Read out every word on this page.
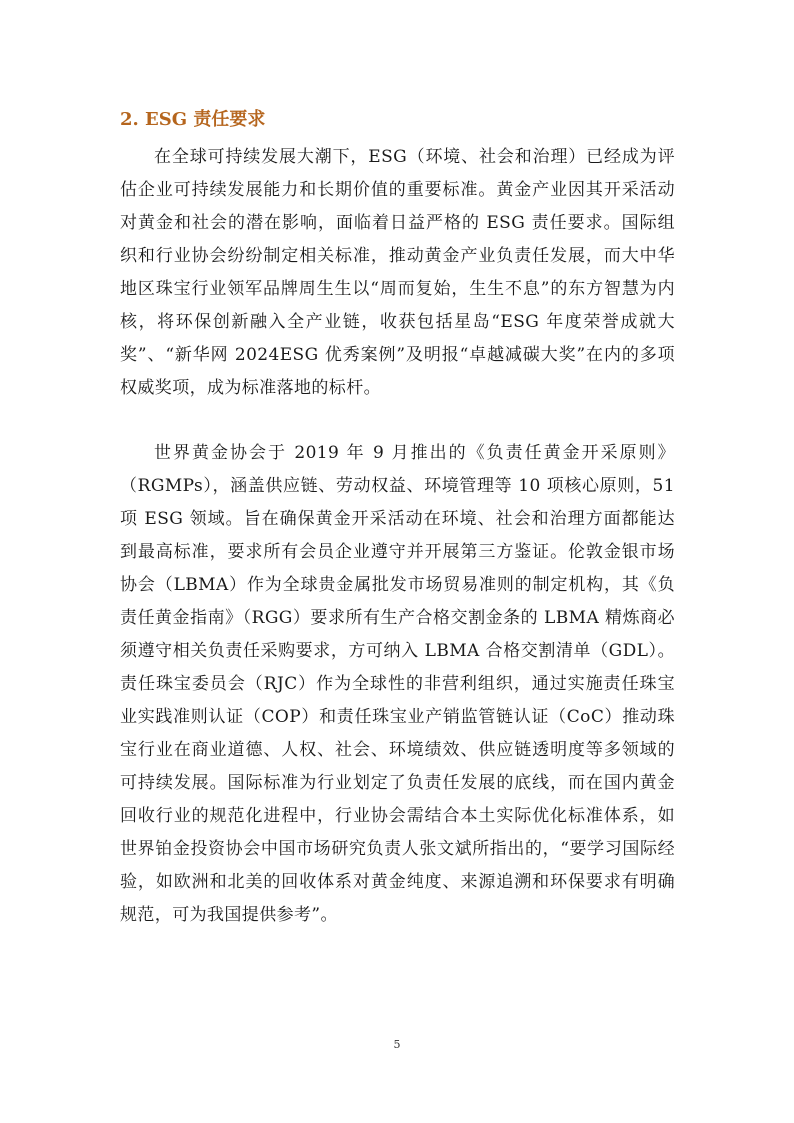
2. ESG 责任要求

在全球可持续发展大潮下，ESG（环境、社会和治理）已经成为评估企业可持续发展能力和长期价值的重要标准。黄金产业因其开采活动对黄金和社会的潜在影响，面临着日益严格的 ESG 责任要求。国际组织和行业协会纷纷制定相关标准，推动黄金产业负责任发展，而大中华地区珠宝行业领军品牌周生生以“周而复始，生生不息”的东方智慧为内核，将环保创新融入全产业链，收获包括星岛“ESG 年度荣誉成就大奖”、“新华网 2024ESG 优秀案例”及明报“卓越减碳大奖”在内的多项权威奖项，成为标准落地的标杆。

世界黄金协会于 2019 年 9 月推出的《负责任黄金开采原则》（RGMPs），涵盖供应链、劳动权益、环境管理等 10 项核心原则，51 项 ESG 领域。旨在确保黄金开采活动在环境、社会和治理方面都能达到最高标准，要求所有会员企业遵守并开展第三方鉴证。伦敦金银市场协会（LBMA）作为全球贵金属批发市场贸易准则的制定机构，其《负责任黄金指南》（RGG）要求所有生产合格交割金条的 LBMA 精炼商必须遵守相关负责任采购要求，方可纳入 LBMA 合格交割清单（GDL）。责任珠宝委员会（RJC）作为全球性的非营利组织，通过实施责任珠宝业实践准则认证（COP）和责任珠宝业产销监管链认证（CoC）推动珠宝行业在商业道德、人权、社会、环境绩效、供应链透明度等多领域的可持续发展。国际标准为行业划定了负责任发展的底线，而在国内黄金回收行业的规范化进程中，行业协会需结合本土实际优化标准体系，如世界铂金投资协会中国市场研究负责人张文斌所指出的，“要学习国际经验，如欧洲和北美的回收体系对黄金纯度、来源追溯和环保要求有明确规范，可为我国提供参考”。

5
